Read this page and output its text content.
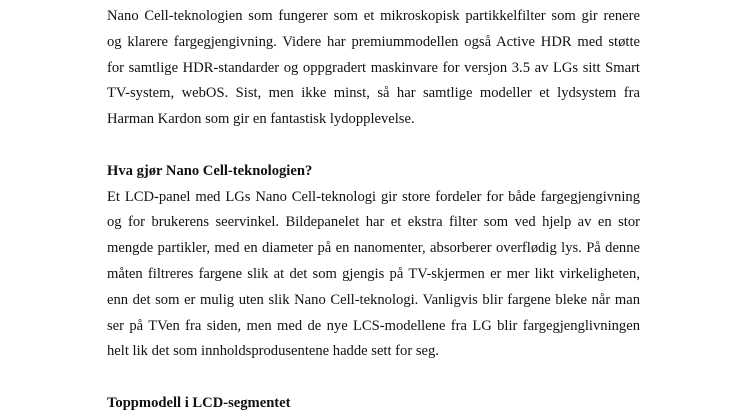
Nano Cell-teknologien som fungerer som et mikroskopisk partikkelfilter som gir renere
og klarere fargegjengivning. Videre har premiummodellen også Active HDR med støtte
for samtlige HDR-standarder og oppgradert maskinvare for versjon 3.5 av LGs sitt Smart
TV-system, webOS. Sist, men ikke minst, så har samtlige modeller et lydsystem fra
Harman Kardon som gir en fantastisk lydopplevelse.
Hva gjør Nano Cell-teknologien?
Et LCD-panel med LGs Nano Cell-teknologi gir store fordeler for både fargegjengivning
og for brukerens seervinkel. Bildepanelet har et ekstra filter som ved hjelp av en stor
mengde partikler, med en diameter på en nanomenter, absorberer overflødig lys. På denne
måten filtreres fargene slik at det som gjengis på TV-skjermen er mer likt virkeligheten,
enn det som er mulig uten slik Nano Cell-teknologi. Vanligvis blir fargene bleke når man
ser på TVen fra siden, men med de nye LCS-modellene fra LG blir fargegjenglivningen
helt lik det som innholdsprodusentene hadde sett for seg.
Toppmodell i LCD-segmentet
